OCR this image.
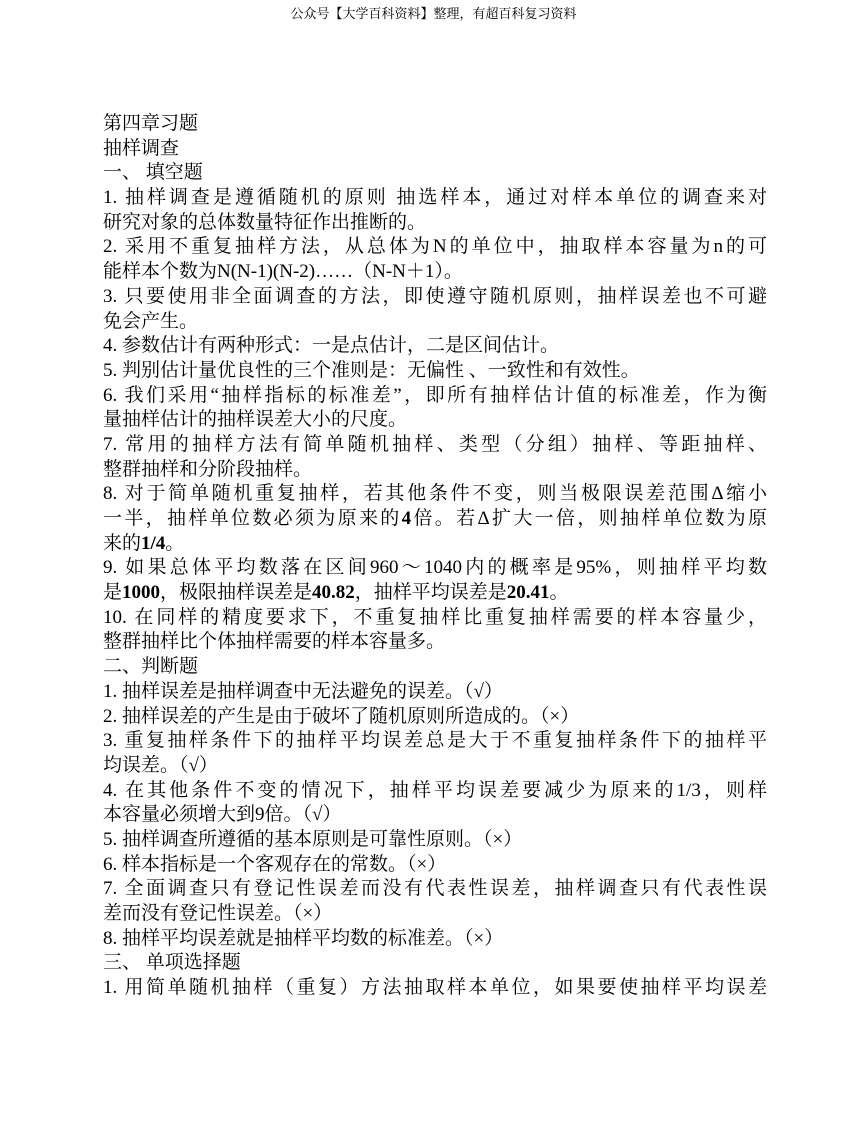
公众号【大学百科资料】整理，有超百科复习资料
第四章习题
抽样调查
一、 填空题
1. 抽样调查是遵循随机的原则 抽选样本，通过对样本单位的调查来对
研究对象的总体数量特征作出推断的。
2. 采用不重复抽样方法，从总体为N的单位中，抽取样本容量为n的可
能样本个数为N(N-1)(N-2)……（N-N＋1）。
3. 只要使用非全面调查的方法，即使遵守随机原则，抽样误差也不可避
免会产生。
4. 参数估计有两种形式：一是点估计，二是区间估计。
5. 判别估计量优良性的三个准则是：无偏性 、一致性和有效性。
6. 我们采用“抽样指标的标准差”，即所有抽样估计值的标准差，作为衡
量抽样估计的抽样误差大小的尺度。
7. 常用的抽样方法有简单随机抽样、类型（分组）抽样、等距抽样、
整群抽样和分阶段抽样。
8. 对于简单随机重复抽样，若其他条件不变，则当极限误差范围Δ缩小
一半，抽样单位数必须为原来的4倍。若Δ扩大一倍，则抽样单位数为原
来的1/4。
9. 如果总体平均数落在区间960～1040内的概率是95%，则抽样平均数
是1000，极限抽样误差是40.82，抽样平均误差是20.41。
10. 在同样的精度要求下，不重复抽样比重复抽样需要的样本容量少，
整群抽样比个体抽样需要的样本容量多。
二、判断题
1. 抽样误差是抽样调查中无法避免的误差。（√）
2. 抽样误差的产生是由于破坏了随机原则所造成的。（×）
3. 重复抽样条件下的抽样平均误差总是大于不重复抽样条件下的抽样平
均误差。（√）
4. 在其他条件不变的情况下，抽样平均误差要减少为原来的1/3，则样
本容量必须增大到9倍。（√）
5. 抽样调查所遵循的基本原则是可靠性原则。（×）
6. 样本指标是一个客观存在的常数。（×）
7. 全面调查只有登记性误差而没有代表性误差，抽样调查只有代表性误
差而没有登记性误差。（×）
8. 抽样平均误差就是抽样平均数的标准差。（×）
三、 单项选择题
1. 用简单随机抽样（重复）方法抽取样本单位，如果要使抽样平均误差
